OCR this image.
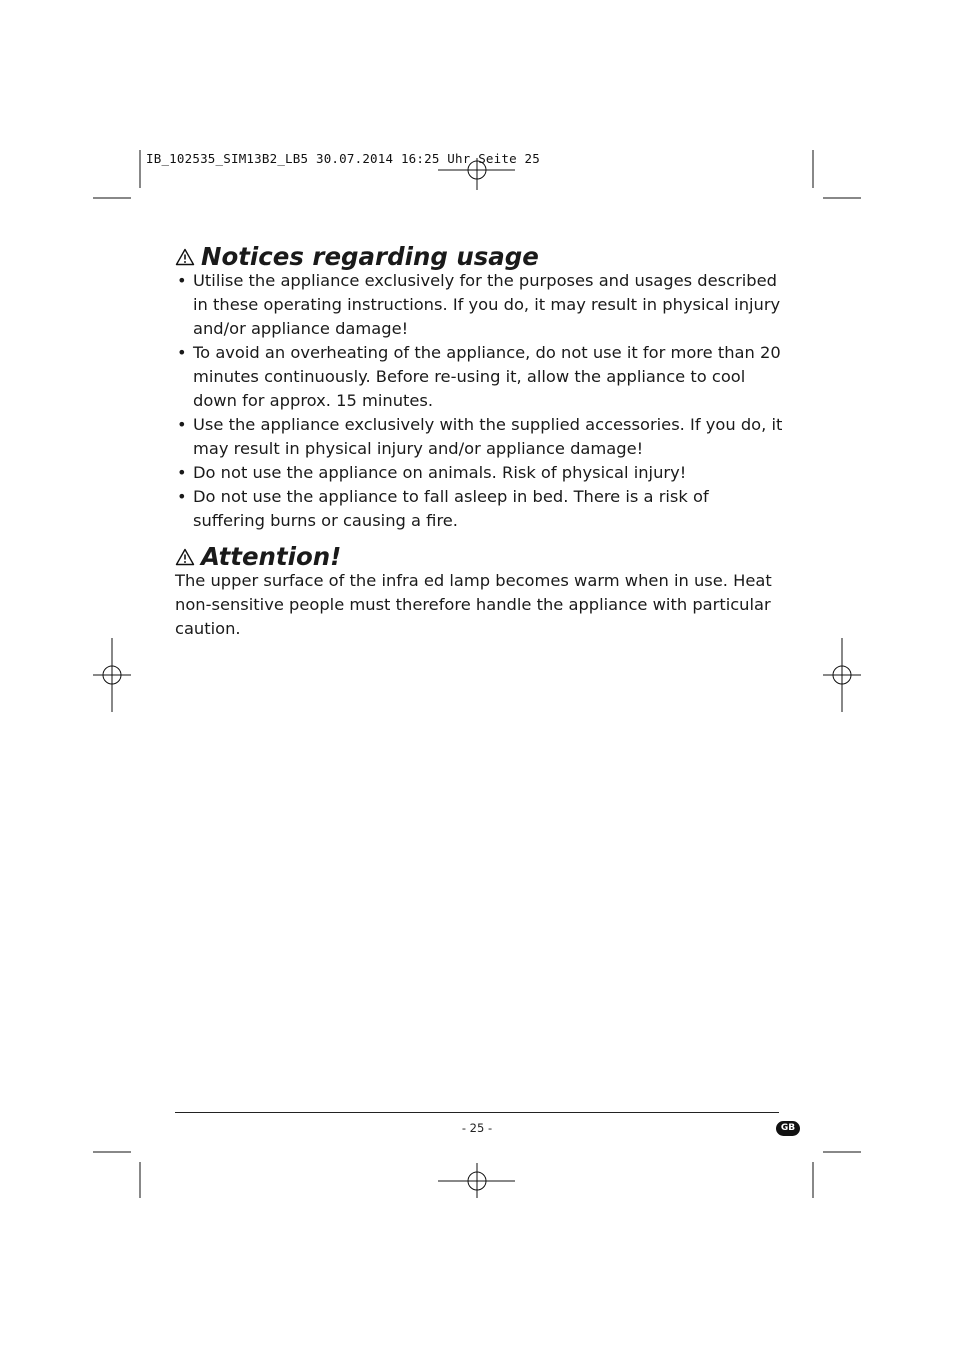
IB_102535_SIM13B2_LB5 30.07.2014 16:25 Uhr Seite 25
Notices regarding usage
• Utilise the appliance exclusively for the purposes and usages described in these operating instructions. If you do, it may result in physical injury and/or appliance damage!
• To avoid an overheating of the appliance, do not use it for more than 20 minutes continuously. Before re-using it, allow the appliance to cool down for approx. 15 minutes.
• Use the appliance exclusively with the supplied accessories. If you do, it may result in physical injury and/or appliance damage!
• Do not use the appliance on animals. Risk of physical injury!
• Do not use the appliance to fall asleep in bed. There is a risk of suffering burns or causing a fire.
Attention!

The upper surface of the infra ed lamp becomes warm when in use. Heat non-sensitive people must therefore handle the appliance with particular caution.

- 25 -	GB
